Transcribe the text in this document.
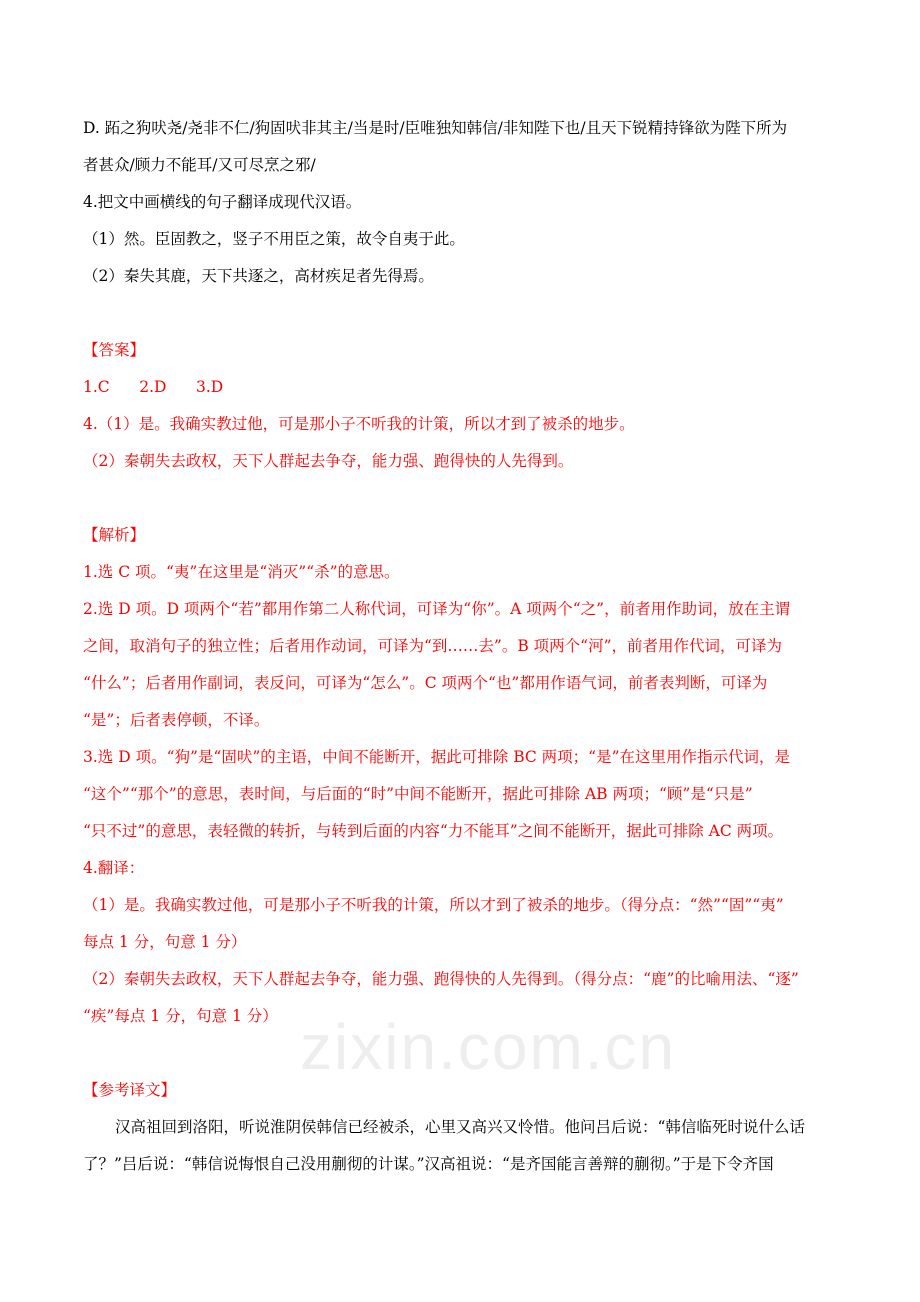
zixin.com.cn
D. 跖之狗吠尧/尧非不仁/狗固吠非其主/当是时/臣唯独知韩信/非知陛下也/且天下锐精持锋欲为陛下所为
者甚众/顾力不能耳/又可尽烹之邪/
4.把文中画横线的句子翻译成现代汉语。
（1）然。臣固教之，竖子不用臣之策，故令自夷于此。
（2）秦失其鹿，天下共逐之，高材疾足者先得焉。
【答案】
1.C      2.D      3.D
4.（1）是。我确实教过他，可是那小子不听我的计策，所以才到了被杀的地步。
（2）秦朝失去政权，天下人群起去争夺，能力强、跑得快的人先得到。
【解析】
1.选 C 项。“夷”在这里是“消灭”“杀”的意思。
2.选 D 项。D 项两个“若”都用作第二人称代词，可译为“你”。A 项两个“之”，前者用作助词，放在主谓
之间，取消句子的独立性；后者用作动词，可译为“到……去”。B 项两个“河”，前者用作代词，可译为
“什么”；后者用作副词，表反问，可译为“怎么”。C 项两个“也”都用作语气词，前者表判断，可译为
“是”；后者表停顿，不译。
3.选 D 项。“狗”是“固吠”的主语，中间不能断开，据此可排除 BC 两项；“是”在这里用作指示代词，是
“这个”“那个”的意思，表时间，与后面的“时”中间不能断开，据此可排除 AB 两项；“顾”是“只是”
“只不过”的意思，表轻微的转折，与转到后面的内容“力不能耳”之间不能断开，据此可排除 AC 两项。
4.翻译：
（1）是。我确实教过他，可是那小子不听我的计策，所以才到了被杀的地步。（得分点：“然”“固”“夷”
每点 1 分，句意 1 分）
（2）秦朝失去政权，天下人群起去争夺，能力强、跑得快的人先得到。（得分点：“鹿”的比喻用法、“逐”
“疾”每点 1 分，句意 1 分）
【参考译文】
汉高祖回到洛阳，听说淮阴侯韩信已经被杀，心里又高兴又怜惜。他问吕后说：“韩信临死时说什么话
了？”吕后说：“韩信说悔恨自己没用蒯彻的计谋。”汉高祖说：“是齐国能言善辩的蒯彻。”于是下令齐国
